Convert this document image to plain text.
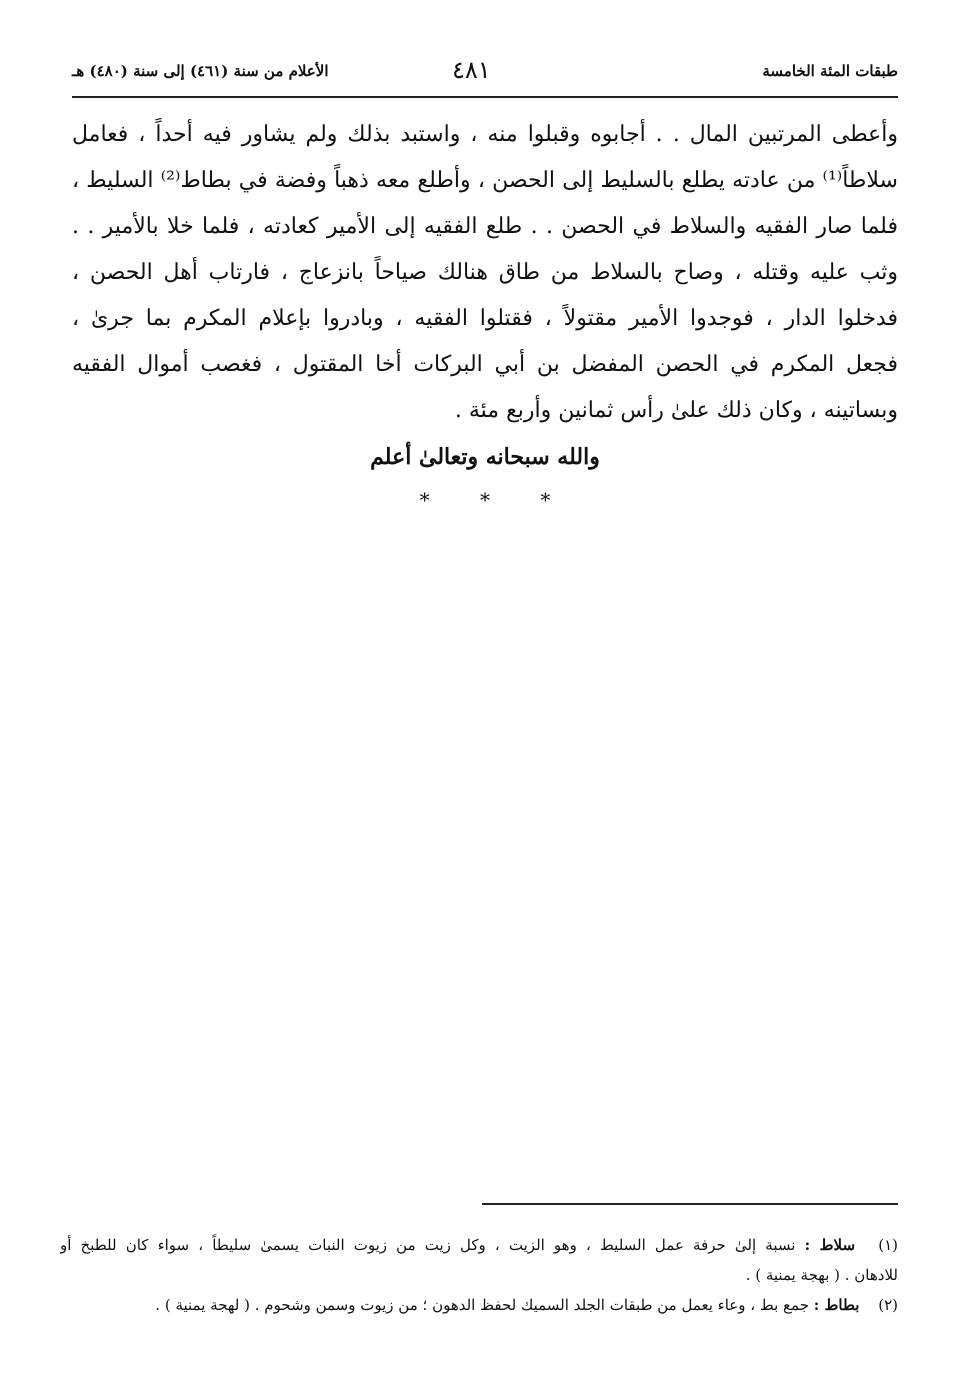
طبقات المئة الخامسة
٤٨١
الأعلام من سنة (٤٦١) إلى سنة (٤٨٠) هـ
وأعطى المرتبين المال . . أجابوه وقبلوا منه ، واستبد بذلك ولم يشاور فيه أحداً ، فعامل
سلاطاً⁽¹⁾ من عادته يطلع بالسليط إلى الحصن ، وأطلع معه ذهباً وفضة في بطاط⁽²⁾ السليط ،
فلما صار الفقيه والسلاط في الحصن . . طلع الفقيه إلى الأمير كعادته ، فلما خلا بالأمير . .
وثب عليه وقتله ، وصاح بالسلاط من طاق هنالك صياحاً بانزعاج ، فارتاب أهل الحصن ،
فدخلوا الدار ، فوجدوا الأمير مقتولاً ، فقتلوا الفقيه ، وبادروا بإعلام المكرم بما جرىٰ ،
فجعل المكرم في الحصن المفضل بن أبي البركات أخا المقتول ، فغصب أموال الفقيه
وبساتينه ، وكان ذلك علىٰ رأس ثمانين وأربع مئة .
والله سبحانه وتعالىٰ أعلم
* * *
(١) سلاط : نسبة إلىٰ حرفة عمل السليط ، وهو الزيت ، وكل زيت من زيوت النبات يسمىٰ سليطاً ، سواء كان للطبخ أو
للادهان . ( بهجة يمنية ) .
(٢) بطاط : جمع بط ، وعاء يعمل من طبقات الجلد السميك لحفظ الدهون ؛ من زيوت وسمن وشحوم . ( لهجة يمنية ) .
